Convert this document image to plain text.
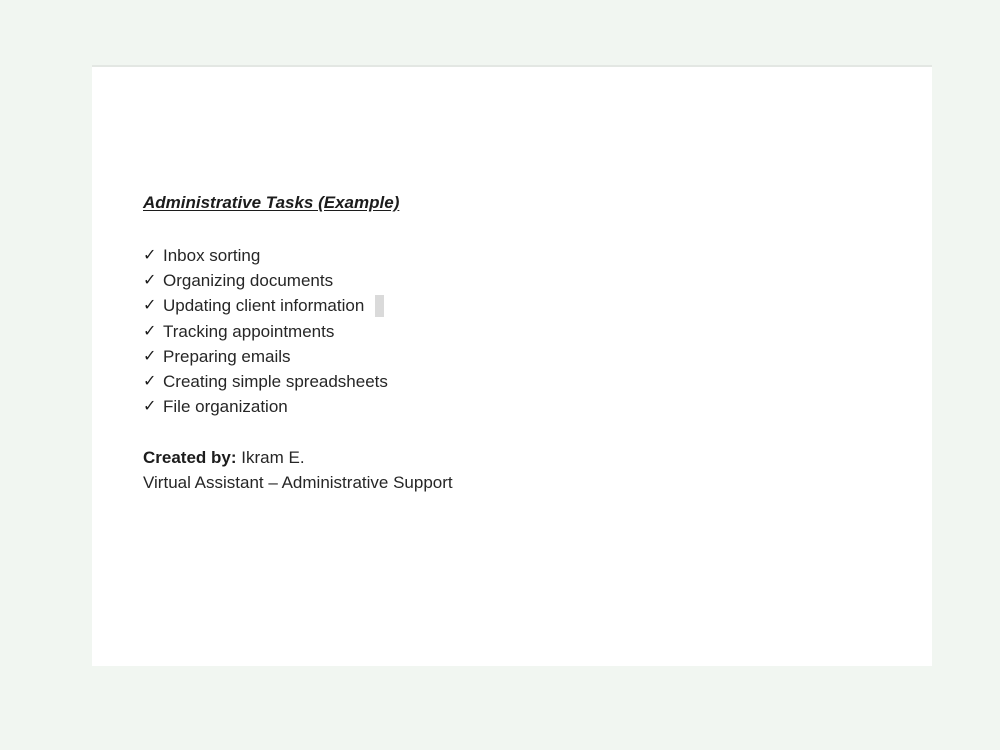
Administrative Tasks (Example)
✓ Inbox sorting
✓ Organizing documents
✓ Updating client information
✓ Tracking appointments
✓ Preparing emails
✓ Creating simple spreadsheets
✓ File organization
Created by: Ikram E.
Virtual Assistant – Administrative Support
